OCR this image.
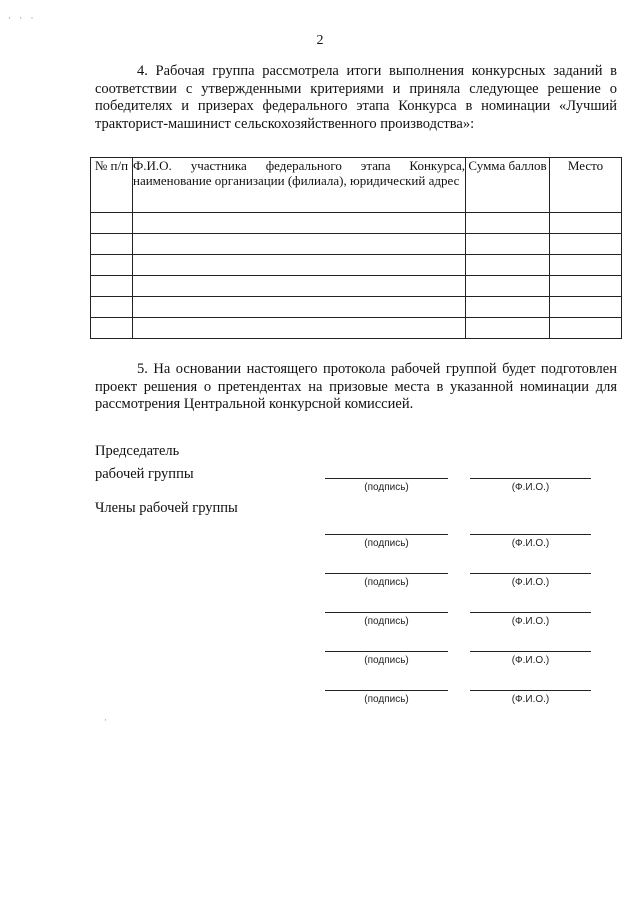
· · ·
2

4. Рабочая группа рассмотрела итоги выполнения конкурсных заданий в соответствии с утвержденными критериями и приняла следующее решение о победителях и призерах федерального этапа Конкурса в номинации «Лучший тракторист-машинист сельскохозяйственного производства»:

№ п/п	Ф.И.О. участника федерального этапа Конкурса, наименование организации (филиала), юридический адрес	Сумма баллов	Место

5. На основании настоящего протокола рабочей группой будет подготовлен проект решения о претендентах на призовые места в указанной номинации для рассмотрения Центральной конкурсной комиссией.

Председатель
рабочей группы
Члены рабочей группы
(подпись)	(Ф.И.О.)
(подпись)	(Ф.И.О.)
(подпись)	(Ф.И.О.)
(подпись)	(Ф.И.О.)
(подпись)	(Ф.И.О.)
(подпись)	(Ф.И.О.)
·
